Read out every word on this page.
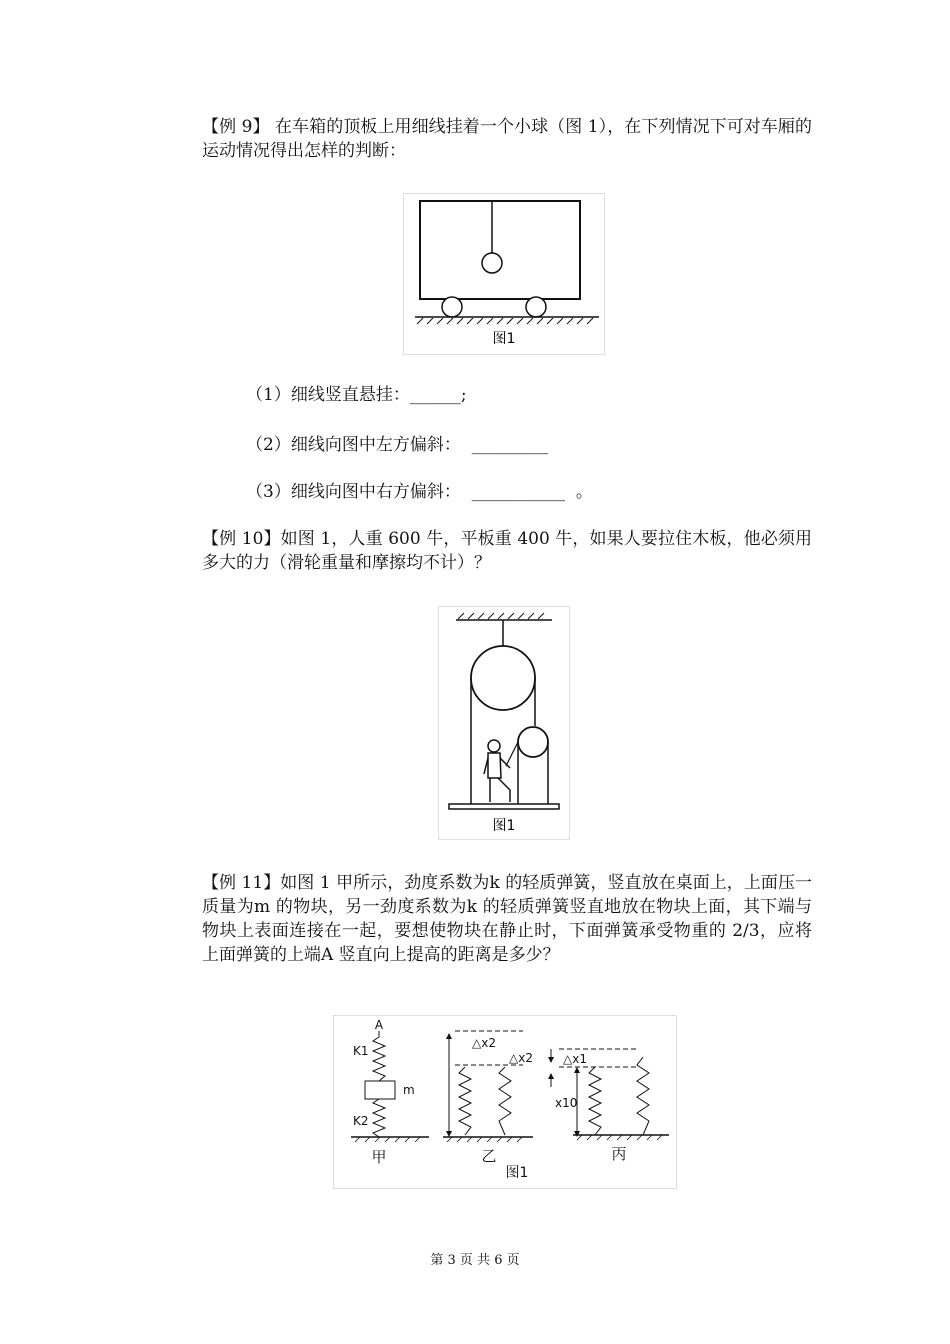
【例 9】 在车箱的顶板上用细线挂着一个小球（图 1），在下列情况下可对车厢的运动情况得出怎样的判断：
图1
（1）细线竖直悬挂：______;
（2）细线向图中左方偏斜：  _________
（3）细线向图中右方偏斜：  ___________  。
【例 10】如图 1，人重 600 牛，平板重 400 牛，如果人要拉住木板，他必须用多大的力（滑轮重量和摩擦均不计）？
图1
【例 11】如图 1 甲所示，劲度系数为k 的轻质弹簧，竖直放在桌面上，上面压一质量为m 的物块，另一劲度系数为k 的轻质弹簧竖直地放在物块上面，其下端与物块上表面连接在一起，要想使物块在静止时，下面弹簧承受物重的 2/3，应将上面弹簧的上端A 竖直向上提高的距离是多少？
A
K1
m
K2
甲
△x2
△x2
乙
图1
△x1
x10
丙
第 3 页 共 6 页
